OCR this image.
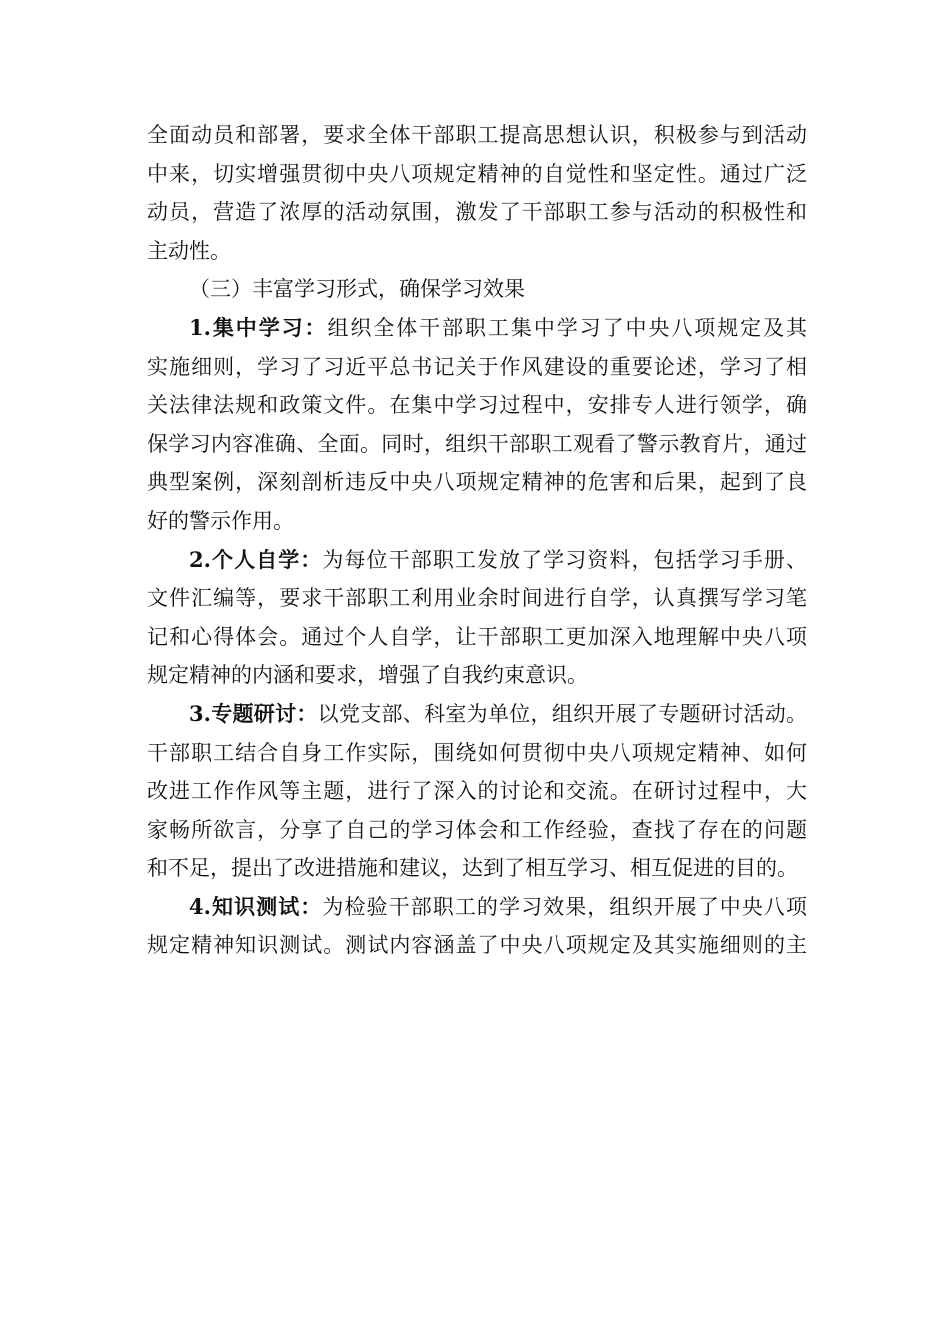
全面动员和部署，要求全体干部职工提高思想认识，积极参与到活动
中来，切实增强贯彻中央八项规定精神的自觉性和坚定性。通过广泛
动员，营造了浓厚的活动氛围，激发了干部职工参与活动的积极性和
主动性。

（三）丰富学习形式，确保学习效果

1.集中学习：组织全体干部职工集中学习了中央八项规定及其
实施细则，学习了习近平总书记关于作风建设的重要论述，学习了相
关法律法规和政策文件。在集中学习过程中，安排专人进行领学，确
保学习内容准确、全面。同时，组织干部职工观看了警示教育片，通过
典型案例，深刻剖析违反中央八项规定精神的危害和后果，起到了良
好的警示作用。

2.个人自学：为每位干部职工发放了学习资料，包括学习手册、
文件汇编等，要求干部职工利用业余时间进行自学，认真撰写学习笔
记和心得体会。通过个人自学，让干部职工更加深入地理解中央八项
规定精神的内涵和要求，增强了自我约束意识。

3.专题研讨：以党支部、科室为单位，组织开展了专题研讨活动。
干部职工结合自身工作实际，围绕如何贯彻中央八项规定精神、如何
改进工作作风等主题，进行了深入的讨论和交流。在研讨过程中，大
家畅所欲言，分享了自己的学习体会和工作经验，查找了存在的问题
和不足，提出了改进措施和建议，达到了相互学习、相互促进的目的。

4.知识测试：为检验干部职工的学习效果，组织开展了中央八项
规定精神知识测试。测试内容涵盖了中央八项规定及其实施细则的主
